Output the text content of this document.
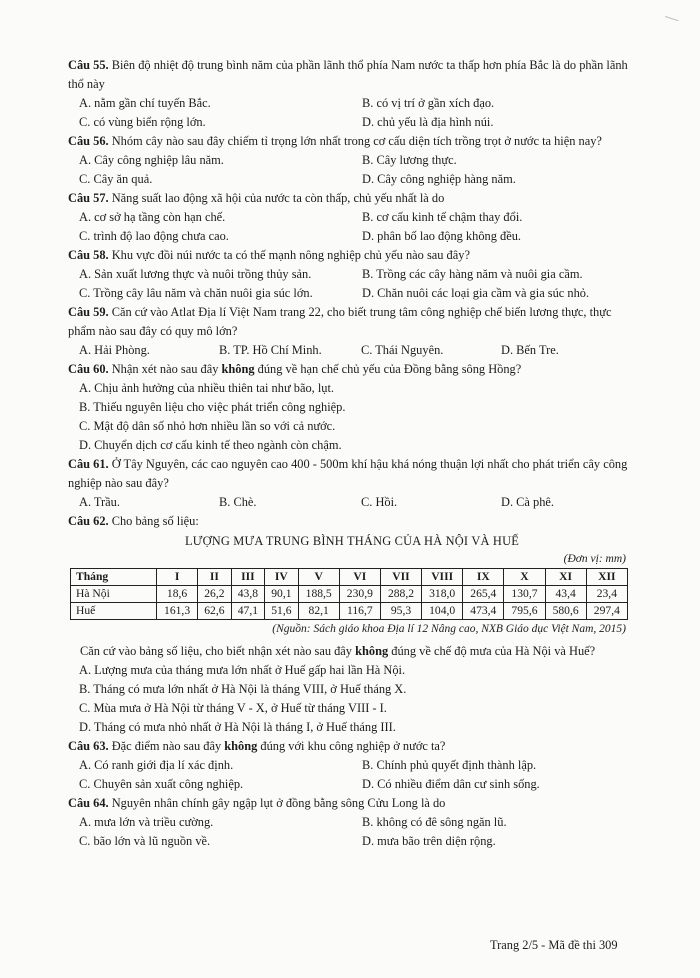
Câu 55. Biên độ nhiệt độ trung bình năm của phần lãnh thổ phía Nam nước ta thấp hơn phía Bắc là do phần lãnh thổ này
A. nằm gần chí tuyến Bắc.	B. có vị trí ở gần xích đạo.
C. có vùng biển rộng lớn.	D. chủ yếu là địa hình núi.
Câu 56. Nhóm cây nào sau đây chiếm tỉ trọng lớn nhất trong cơ cấu diện tích trồng trọt ở nước ta hiện nay?
A. Cây công nghiệp lâu năm.	B. Cây lương thực.
C. Cây ăn quả.	D. Cây công nghiệp hàng năm.
Câu 57. Năng suất lao động xã hội của nước ta còn thấp, chủ yếu nhất là do
A. cơ sở hạ tầng còn hạn chế.	B. cơ cấu kinh tế chậm thay đổi.
C. trình độ lao động chưa cao.	D. phân bố lao động không đều.
Câu 58. Khu vực đồi núi nước ta có thế mạnh nông nghiệp chủ yếu nào sau đây?
A. Sản xuất lương thực và nuôi trồng thủy sản.	B. Trồng các cây hàng năm và nuôi gia cầm.
C. Trồng cây lâu năm và chăn nuôi gia súc lớn.	D. Chăn nuôi các loại gia cầm và gia súc nhỏ.
Câu 59. Căn cứ vào Atlat Địa lí Việt Nam trang 22, cho biết trung tâm công nghiệp chế biến lương thực, thực phẩm nào sau đây có quy mô lớn?
A. Hải Phòng.	B. TP. Hồ Chí Minh.	C. Thái Nguyên.	D. Bến Tre.
Câu 60. Nhận xét nào sau đây không đúng về hạn chế chủ yếu của Đồng bằng sông Hồng?
A. Chịu ảnh hưởng của nhiều thiên tai như bão, lụt.
B. Thiếu nguyên liệu cho việc phát triển công nghiệp.
C. Mật độ dân số nhỏ hơn nhiều lần so với cả nước.
D. Chuyển dịch cơ cấu kinh tế theo ngành còn chậm.
Câu 61. Ở Tây Nguyên, các cao nguyên cao 400 - 500m khí hậu khá nóng thuận lợi nhất cho phát triển cây công nghiệp nào sau đây?
A. Trầu.	B. Chè.	C. Hồi.	D. Cà phê.
Câu 62. Cho bảng số liệu:
LƯỢNG MƯA TRUNG BÌNH THÁNG CỦA HÀ NỘI VÀ HUẾ
(Đơn vị: mm)
Tháng	I	II	III	IV	V	VI	VII	VIII	IX	X	XI	XII
Hà Nội	18,6	26,2	43,8	90,1	188,5	230,9	288,2	318,0	265,4	130,7	43,4	23,4
Huế	161,3	62,6	47,1	51,6	82,1	116,7	95,3	104,0	473,4	795,6	580,6	297,4
(Nguồn: Sách giáo khoa Địa lí 12 Nâng cao, NXB Giáo dục Việt Nam, 2015)
Căn cứ vào bảng số liệu, cho biết nhận xét nào sau đây không đúng về chế độ mưa của Hà Nội và Huế?
A. Lượng mưa của tháng mưa lớn nhất ở Huế gấp hai lần Hà Nội.
B. Tháng có mưa lớn nhất ở Hà Nội là tháng VIII, ở Huế tháng X.
C. Mùa mưa ở Hà Nội từ tháng V - X, ở Huế từ tháng VIII - I.
D. Tháng có mưa nhỏ nhất ở Hà Nội là tháng I, ở Huế tháng III.
Câu 63. Đặc điểm nào sau đây không đúng với khu công nghiệp ở nước ta?
A. Có ranh giới địa lí xác định.	B. Chính phủ quyết định thành lập.
C. Chuyên sản xuất công nghiệp.	D. Có nhiều điểm dân cư sinh sống.
Câu 64. Nguyên nhân chính gây ngập lụt ở đồng bằng sông Cửu Long là do
A. mưa lớn và triều cường.	B. không có đê sông ngăn lũ.
C. bão lớn và lũ nguồn về.	D. mưa bão trên diện rộng.
Trang 2/5 - Mã đề thi 309
